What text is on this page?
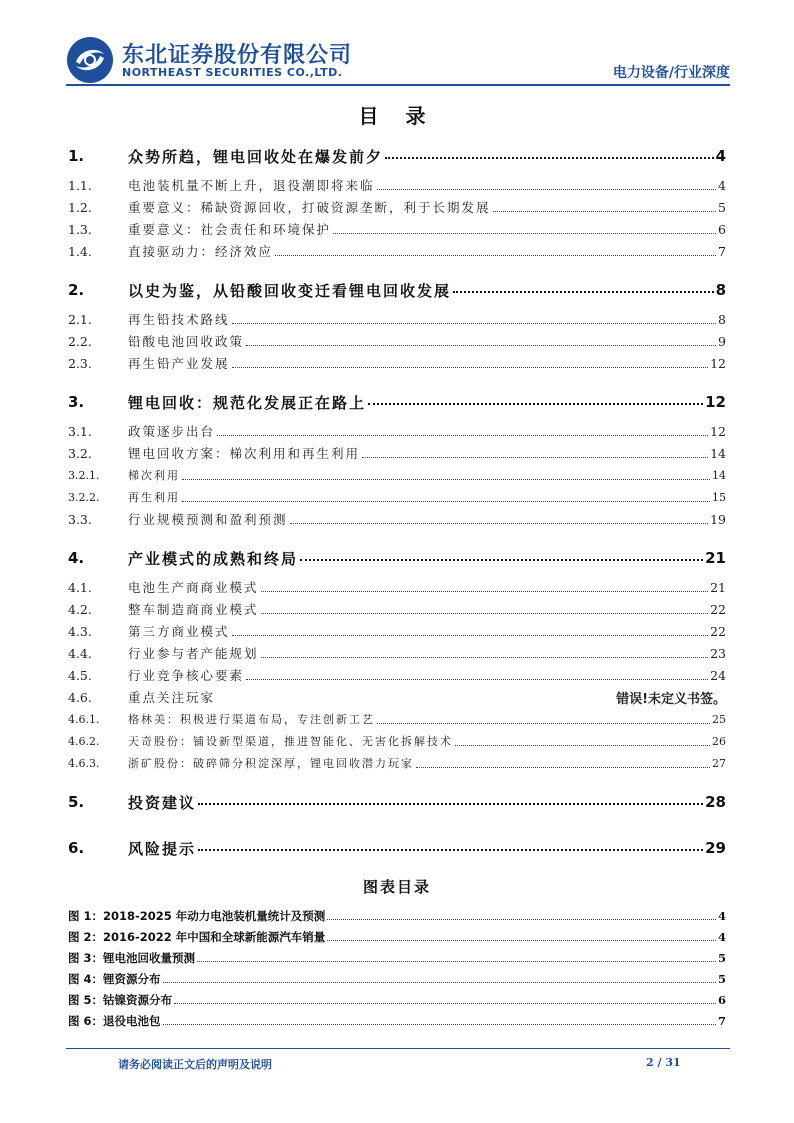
东北证券股份有限公司
NORTHEAST SECURITIES CO.,LTD.	电力设备/行业深度
目 录
1.	众势所趋，锂电回收处在爆发前夕	4
1.1.	电池装机量不断上升，退役潮即将来临	4
1.2.	重要意义：稀缺资源回收，打破资源垄断，利于长期发展	5
1.3.	重要意义：社会责任和环境保护	6
1.4.	直接驱动力：经济效应	7
2.	以史为鉴，从铅酸回收变迁看锂电回收发展	8
2.1.	再生铅技术路线	8
2.2.	铅酸电池回收政策	9
2.3.	再生铅产业发展	12
3.	锂电回收：规范化发展正在路上	12
3.1.	政策逐步出台	12
3.2.	锂电回收方案：梯次利用和再生利用	14
3.2.1.	梯次利用	14
3.2.2.	再生利用	15
3.3.	行业规模预测和盈利预测	19
4.	产业模式的成熟和终局	21
4.1.	电池生产商商业模式	21
4.2.	整车制造商商业模式	22
4.3.	第三方商业模式	22
4.4.	行业参与者产能规划	23
4.5.	行业竞争核心要素	24
4.6.	重点关注玩家	错误!未定义书签。
4.6.1.	格林美：积极进行渠道布局，专注创新工艺	25
4.6.2.	天奇股份：铺设新型渠道，推进智能化、无害化拆解技术	26
4.6.3.	浙矿股份：破碎筛分积淀深厚，锂电回收潜力玩家	27
5.	投资建议	28
6.	风险提示	29
图表目录
图 1：2018-2025 年动力电池装机量统计及预测	4
图 2：2016-2022 年中国和全球新能源汽车销量	4
图 3：锂电池回收量预测	5
图 4：锂资源分布	5
图 5：钴镍资源分布	6
图 6：退役电池包	7
请务必阅读正文后的声明及说明	2 / 31
